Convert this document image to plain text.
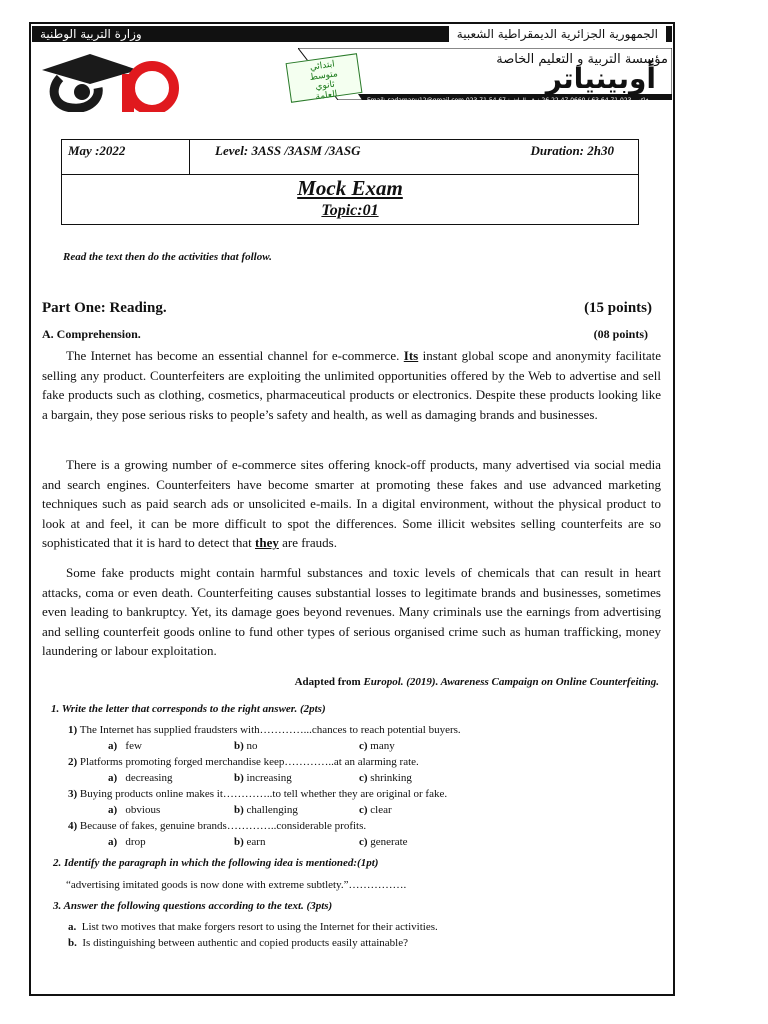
وزارة التربية الوطنية	الجمهورية الجزائرية الديمقراطية الشعبية
OP	ابتدائي
متوسط
ثانوي
العامة
مؤسسة التربية و التعليم الخاصة
أوبينياتر
Email: sadamanu12@gmail.com 023 71 54 67 :فاكس 023 71 64 63 / 0660 47 22 26 :رقم الهاتف
May :2022	Level: 3ASS /3ASM /3ASG	Duration: 2h30
Mock Exam
Topic:01
Read the text then do the activities that follow.
Part One: Reading.	(15 points)
A. Comprehension.	(08 points)

The Internet has become an essential channel for e-commerce. Its instant global scope and anonymity facilitate selling any product. Counterfeiters are exploiting the unlimited opportunities offered by the Web to advertise and sell fake products such as clothing, cosmetics, pharmaceutical products or electronics. Despite these products looking like a bargain, they pose serious risks to people’s safety and health, as well as damaging brands and businesses.

There is a growing number of e-commerce sites offering knock-off products, many advertised via social media and search engines. Counterfeiters have become smarter at promoting these fakes and use advanced marketing techniques such as paid search ads or unsolicited e-mails. In a digital environment, without the physical product to look at and feel, it can be more difficult to spot the differences. Some illicit websites selling counterfeits are so sophisticated that it is hard to detect that they are frauds.

Some fake products might contain harmful substances and toxic levels of chemicals that can result in heart attacks, coma or even death. Counterfeiting causes substantial losses to legitimate brands and businesses, sometimes even leading to bankruptcy. Yet, its damage goes beyond revenues. Many criminals use the earnings from advertising and selling counterfeit goods online to fund other types of serious organised crime such as human trafficking, money laundering or labour exploitation.

Adapted from Europol. (2019). Awareness Campaign on Online Counterfeiting.
1. Write the letter that corresponds to the right answer. (2pts)
1) The Internet has supplied fraudsters with…………...chances to reach potential buyers.
a) few	b) no	c) many
2) Platforms promoting forged merchandise keep…………..at an alarming rate.
a) decreasing	b) increasing	c) shrinking
3) Buying products online makes it…………..to tell whether they are original or fake.
a) obvious	b) challenging	c) clear
4) Because of fakes, genuine brands…………..considerable profits.
a) drop	b) earn	c) generate
2. Identify the paragraph in which the following idea is mentioned:(1pt)
“advertising imitated goods is now done with extreme subtlety.”…………….
3. Answer the following questions according to the text. (3pts)
a. List two motives that make forgers resort to using the Internet for their activities.
b. Is distinguishing between authentic and copied products easily attainable?
